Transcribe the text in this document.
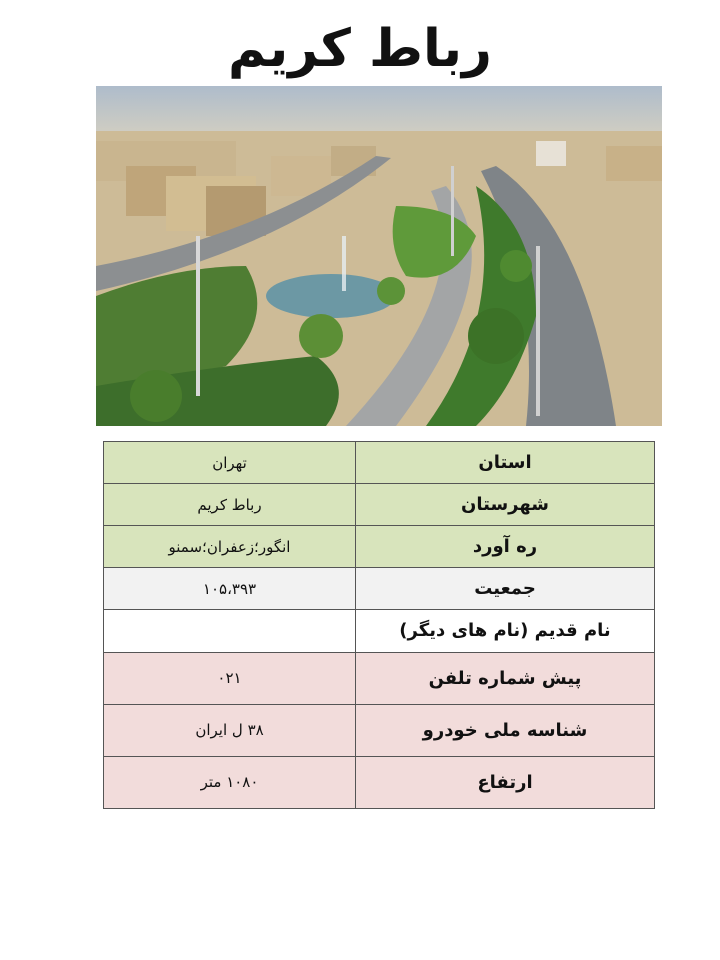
رباط کریم
استان	تهران
شهرستان	رباط کریم
ره آورد	انگور؛زعفران؛سمنو
جمعیت	۱۰۵،۳۹۳
نام قدیم (نام های دیگر)	
پیش شماره تلفن	۰۲۱
شناسه ملی خودرو	۳۸ ل ایران
ارتفاع	۱۰۸۰ متر
